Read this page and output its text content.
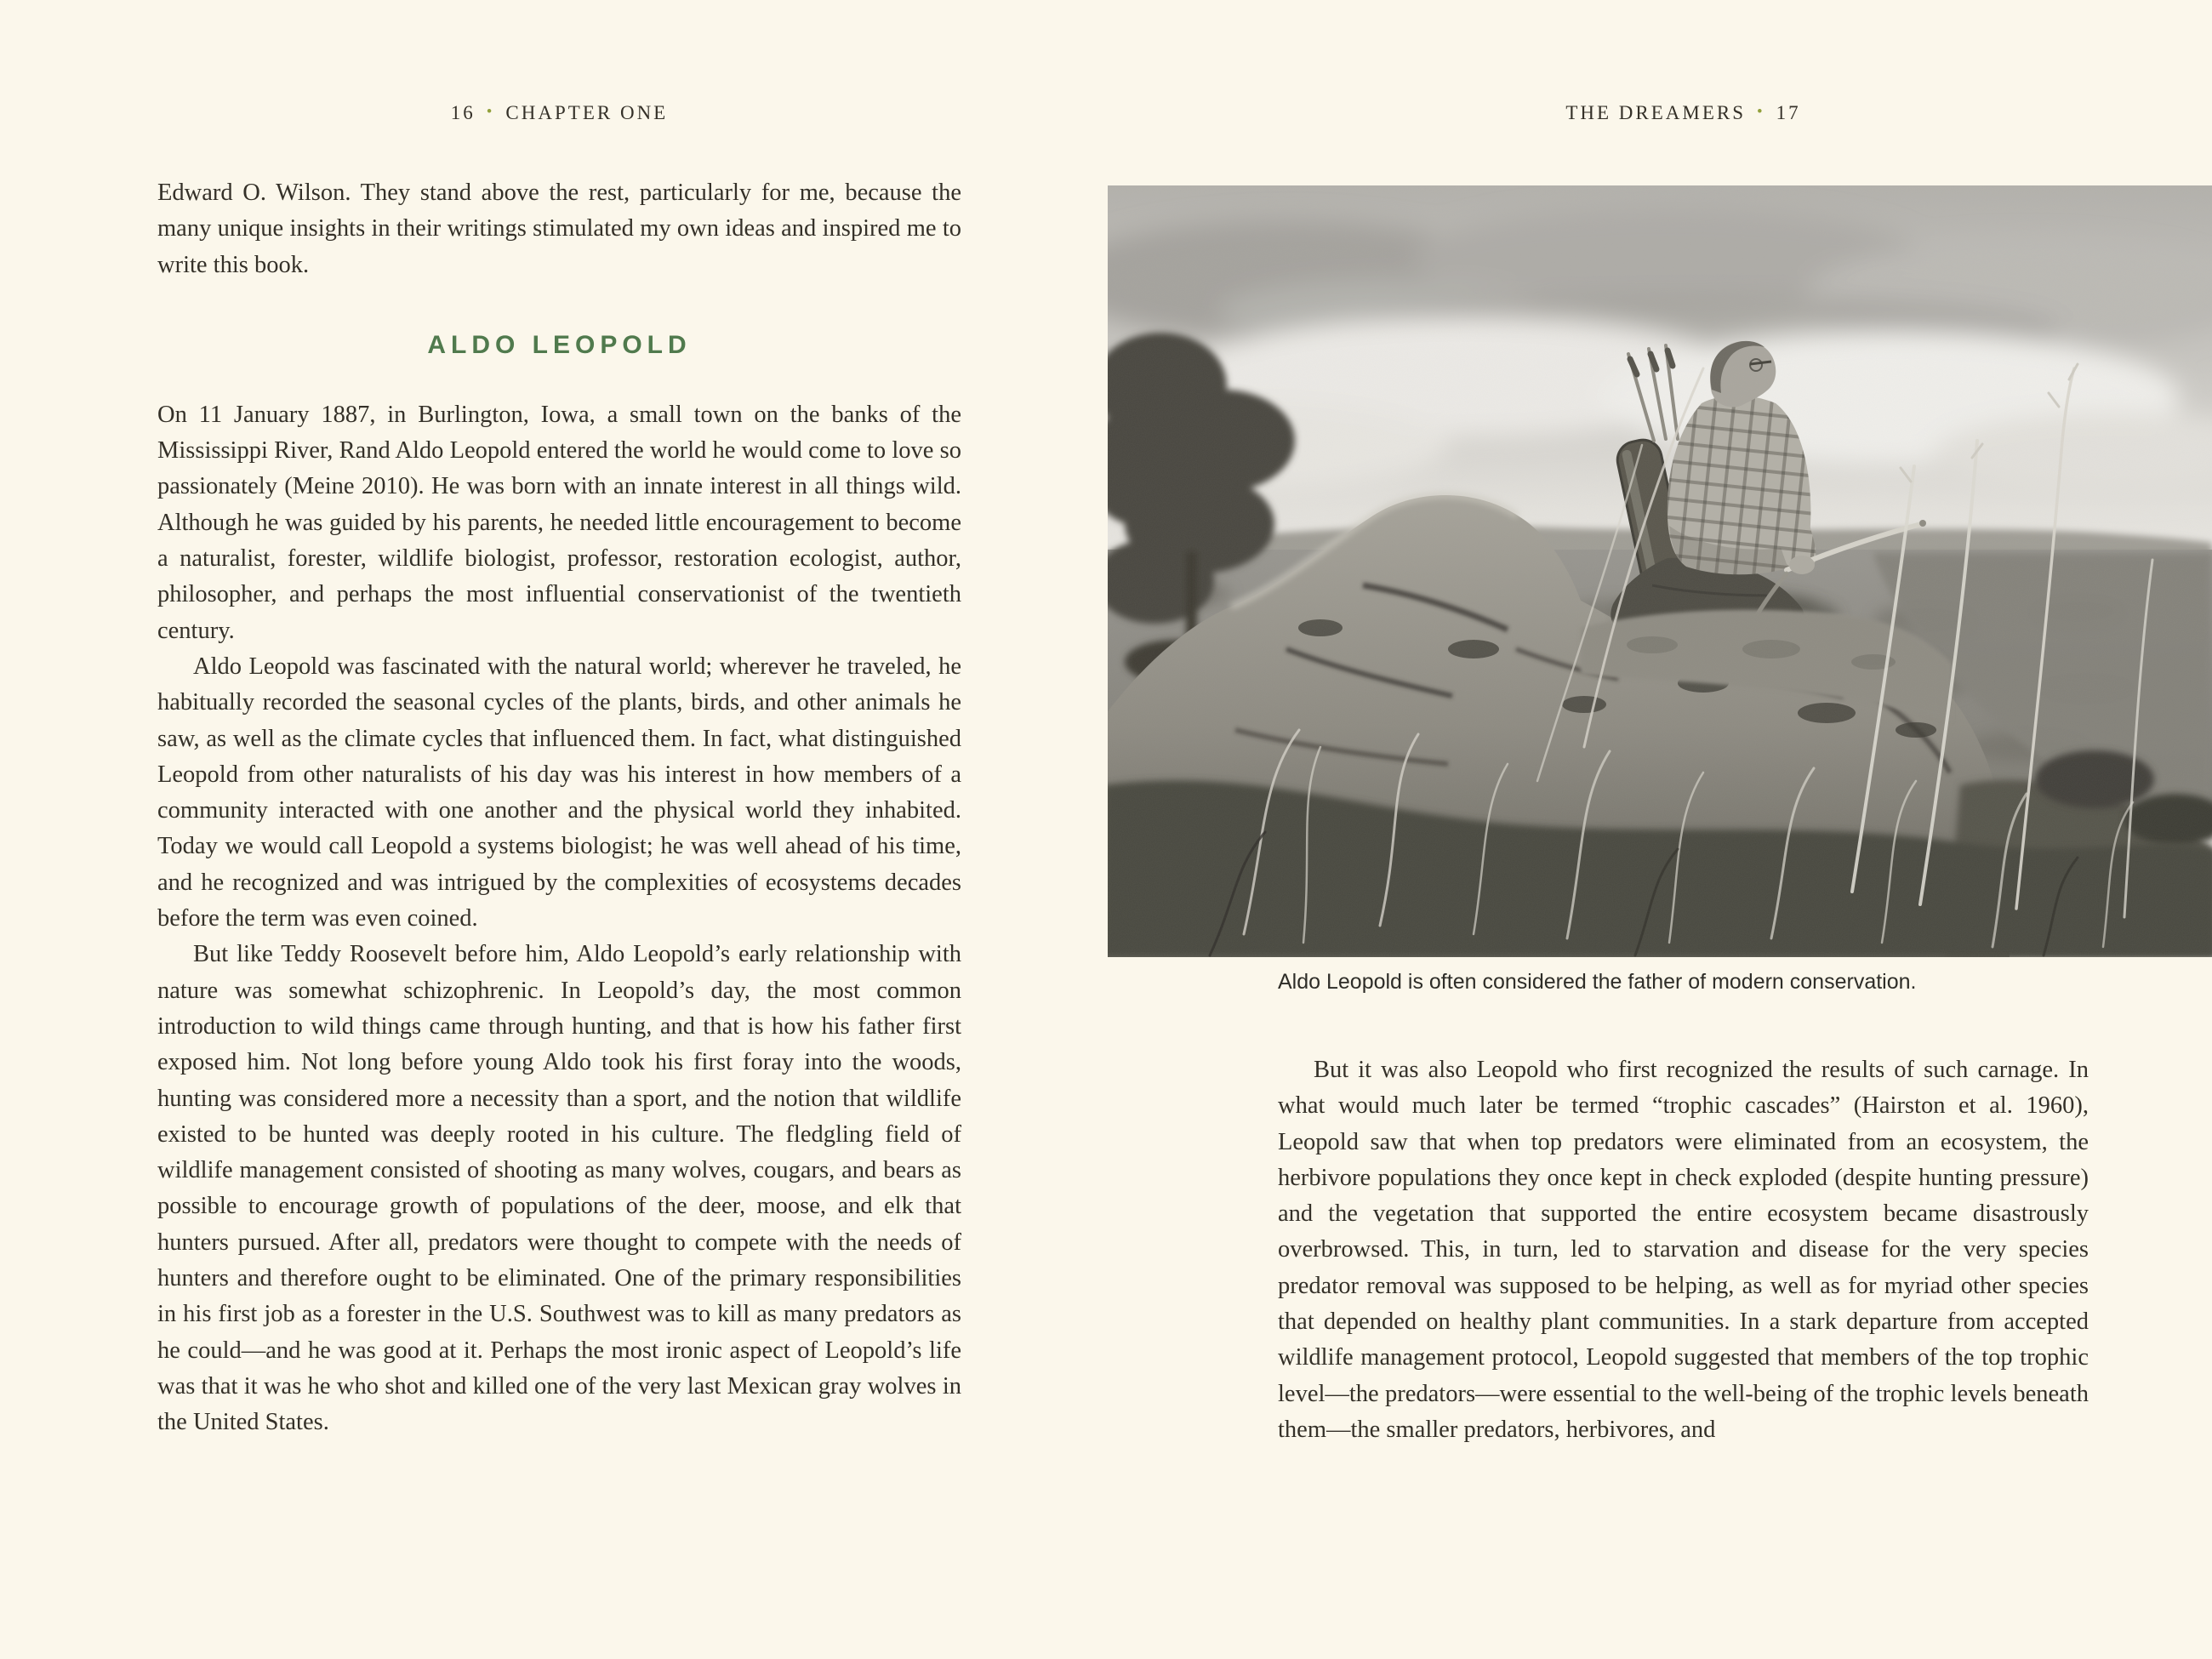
16 • CHAPTER ONE

Edward O. Wilson. They stand above the rest, particularly for me, because the many unique insights in their writings stimulated my own ideas and inspired me to write this book.

ALDO LEOPOLD

On 11 January 1887, in Burlington, Iowa, a small town on the banks of the Mississippi River, Rand Aldo Leopold entered the world he would come to love so passionately (Meine 2010). He was born with an innate interest in all things wild. Although he was guided by his parents, he needed little encouragement to become a naturalist, forester, wildlife biologist, professor, restoration ecologist, author, philosopher, and perhaps the most influential conservationist of the twentieth century.

Aldo Leopold was fascinated with the natural world; wherever he traveled, he habitually recorded the seasonal cycles of the plants, birds, and other animals he saw, as well as the climate cycles that influenced them. In fact, what distinguished Leopold from other naturalists of his day was his interest in how members of a community interacted with one another and the physical world they inhabited. Today we would call Leopold a systems biologist; he was well ahead of his time, and he recognized and was intrigued by the complexities of ecosystems decades before the term was even coined.

But like Teddy Roosevelt before him, Aldo Leopold’s early relationship with nature was somewhat schizophrenic. In Leopold’s day, the most common introduction to wild things came through hunting, and that is how his father first exposed him. Not long before young Aldo took his first foray into the woods, hunting was considered more a necessity than a sport, and the notion that wildlife existed to be hunted was deeply rooted in his culture. The fledgling field of wildlife management consisted of shooting as many wolves, cougars, and bears as possible to encourage growth of populations of the deer, moose, and elk that hunters pursued. After all, predators were thought to compete with the needs of hunters and therefore ought to be eliminated. One of the primary responsibilities in his first job as a forester in the U.S. Southwest was to kill as many predators as he could—and he was good at it. Perhaps the most ironic aspect of Leopold’s life was that it was he who shot and killed one of the very last Mexican gray wolves in the United States.

THE DREAMERS • 17
Aldo Leopold is often considered the father of modern conservation.

But it was also Leopold who first recognized the results of such carnage. In what would much later be termed “trophic cascades” (Hairston et al. 1960), Leopold saw that when top predators were eliminated from an ecosystem, the herbivore populations they once kept in check exploded (despite hunting pressure) and the vegetation that supported the entire ecosystem became disastrously overbrowsed. This, in turn, led to starvation and disease for the very species predator removal was supposed to be helping, as well as for myriad other species that depended on healthy plant communities. In a stark departure from accepted wildlife management protocol, Leopold suggested that members of the top trophic level—the predators—were essential to the well-being of the trophic levels beneath them—the smaller predators, herbivores, and
